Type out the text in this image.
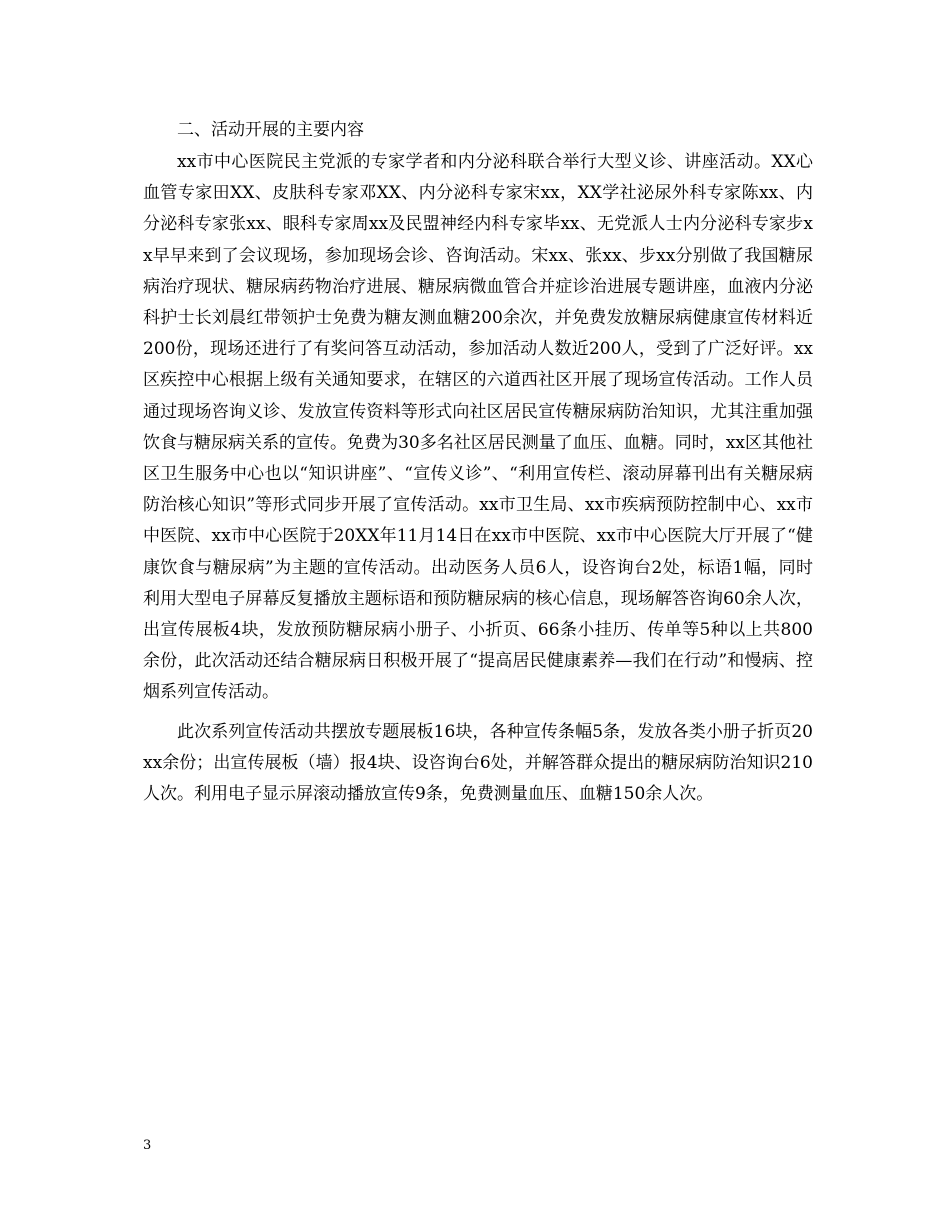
二、活动开展的主要内容

xx市中心医院民主党派的专家学者和内分泌科联合举行大型义诊、讲座活动。XX心血管专家田XX、皮肤科专家邓XX、内分泌科专家宋xx，XX学社泌尿外科专家陈xx、内分泌科专家张xx、眼科专家周xx及民盟神经内科专家毕xx、无党派人士内分泌科专家步xx早早来到了会议现场，参加现场会诊、咨询活动。宋xx、张xx、步xx分别做了我国糖尿病治疗现状、糖尿病药物治疗进展、糖尿病微血管合并症诊治进展专题讲座，血液内分泌科护士长刘晨红带领护士免费为糖友测血糖200余次，并免费发放糖尿病健康宣传材料近200份，现场还进行了有奖问答互动活动，参加活动人数近200人，受到了广泛好评。xx区疾控中心根据上级有关通知要求，在辖区的六道西社区开展了现场宣传活动。工作人员通过现场咨询义诊、发放宣传资料等形式向社区居民宣传糖尿病防治知识，尤其注重加强饮食与糖尿病关系的宣传。免费为30多名社区居民测量了血压、血糖。同时，xx区其他社区卫生服务中心也以“知识讲座”、“宣传义诊”、“利用宣传栏、滚动屏幕刊出有关糖尿病防治核心知识”等形式同步开展了宣传活动。xx市卫生局、xx市疾病预防控制中心、xx市中医院、xx市中心医院于20XX年11月14日在xx市中医院、xx市中心医院大厅开展了“健康饮食与糖尿病”为主题的宣传活动。出动医务人员6人，设咨询台2处，标语1幅，同时利用大型电子屏幕反复播放主题标语和预防糖尿病的核心信息，现场解答咨询60余人次，出宣传展板4块，发放预防糖尿病小册子、小折页、66条小挂历、传单等5种以上共800余份，此次活动还结合糖尿病日积极开展了“提高居民健康素养—我们在行动”和慢病、控烟系列宣传活动。

此次系列宣传活动共摆放专题展板16块，各种宣传条幅5条，发放各类小册子折页20xx余份；出宣传展板（墙）报4块、设咨询台6处，并解答群众提出的糖尿病防治知识210人次。利用电子显示屏滚动播放宣传9条，免费测量血压、血糖150余人次。

3
